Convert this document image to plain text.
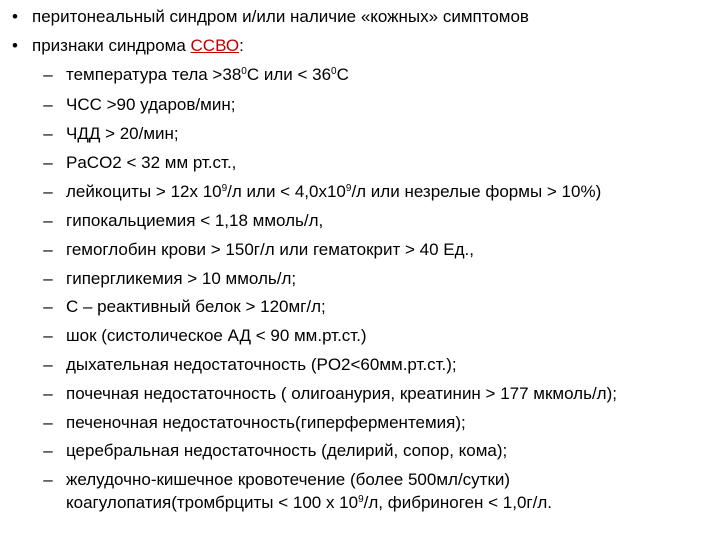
• перитонеальный синдром и/или наличие «кожных» симптомов
• признаки синдрома ССВО:
– температура тела $>38^0C$ или < $36^0C$
– ЧСС >90 ударов/мин;
– ЧДД > 20/мин;
– PaCO2 < 32 мм рт.ст.,
– лейкоциты > 12х $10^9/л$ или < $4,0х10^9/л$ или незрелые формы > 10%)
– гипокальциемия < 1,18 ммоль/л,
– гемоглобин крови > 150г/л или гематокрит > 40 Ед.,
– гипергликемия > 10 ммоль/л;
– С – реактивный белок > 120мг/л;
– шок (систолическое АД < 90 мм.рт.ст.)
– дыхательная недостаточность (PO2<60мм.рт.ст.);
– почечная недостаточность ( олигоанурия, креатинин > 177 мкмоль/л);
– печеночная недостаточность(гиперферментемия);
– церебральная недостаточность (делирий, сопор, кома);
– желудочно-кишечное кровотечение (более 500мл/сутки)
коагулопатия(тромбрциты < 100 х $10^9/л$, фибриноген < 1,0г/л.
